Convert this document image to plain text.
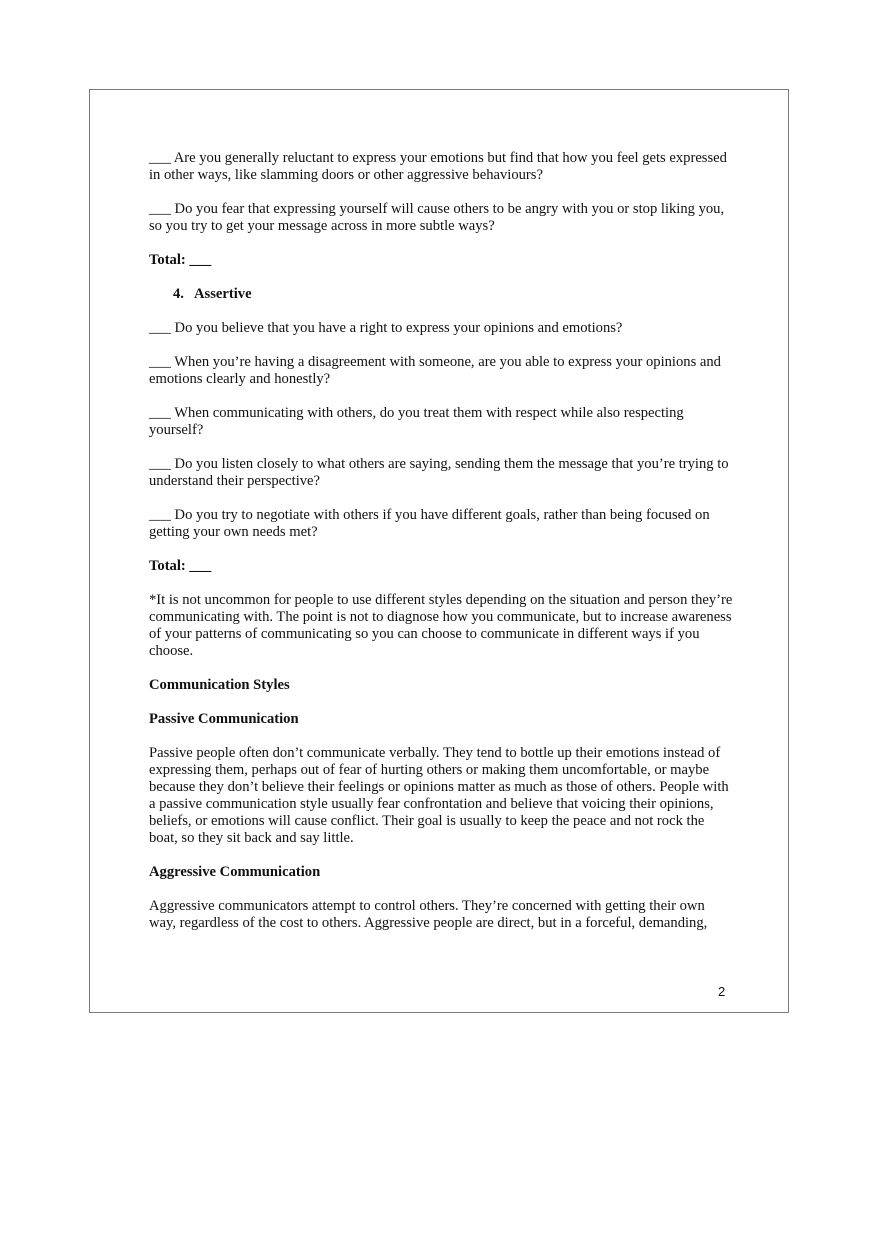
___ Are you generally reluctant to express your emotions but find that how you feel gets expressed in other ways, like slamming doors or other aggressive behaviours?

___ Do you fear that expressing yourself will cause others to be angry with you or stop liking you, so you try to get your message across in more subtle ways?

Total: ___

4. Assertive

___ Do you believe that you have a right to express your opinions and emotions?

___ When you’re having a disagreement with someone, are you able to express your opinions and emotions clearly and honestly?

___ When communicating with others, do you treat them with respect while also respecting yourself?

___ Do you listen closely to what others are saying, sending them the message that you’re trying to understand their perspective?

___ Do you try to negotiate with others if you have different goals, rather than being focused on getting your own needs met?

Total: ___

*It is not uncommon for people to use different styles depending on the situation and person they’re communicating with. The point is not to diagnose how you communicate, but to increase awareness of your patterns of communicating so you can choose to communicate in different ways if you choose.

Communication Styles

Passive Communication

Passive people often don’t communicate verbally. They tend to bottle up their emotions instead of expressing them, perhaps out of fear of hurting others or making them uncomfortable, or maybe because they don’t believe their feelings or opinions matter as much as those of others. People with a passive communication style usually fear confrontation and believe that voicing their opinions, beliefs, or emotions will cause conflict. Their goal is usually to keep the peace and not rock the boat, so they sit back and say little.

Aggressive Communication

Aggressive communicators attempt to control others. They’re concerned with getting their own way, regardless of the cost to others. Aggressive people are direct, but in a forceful, demanding,

2
